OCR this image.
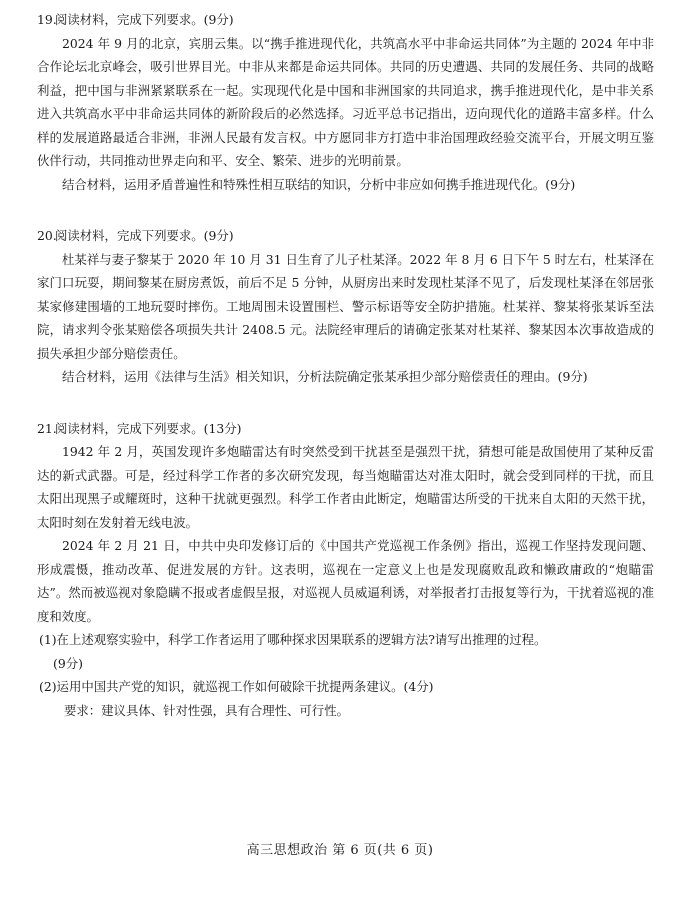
19.
阅读材料，完成下列要求。(9分)

2024 年 9 月的北京，宾朋云集。以“携手推进现代化，共筑高水平中非命运共同体”为主题的 2024 年中非合作论坛北京峰会，吸引世界目光。中非从来都是命运共同体。共同的历史遭遇、共同的发展任务、共同的战略利益，把中国与非洲紧紧联系在一起。实现现代化是中国和非洲国家的共同追求，携手推进现代化，是中非关系进入共筑高水平中非命运共同体的新阶段后的必然选择。习近平总书记指出，迈向现代化的道路丰富多样。什么样的发展道路最适合非洲，非洲人民最有发言权。中方愿同非方打造中非治国理政经验交流平台，开展文明互鉴伙伴行动，共同推动世界走向和平、安全、繁荣、进步的光明前景。

结合材料，运用矛盾普遍性和特殊性相互联结的知识，分析中非应如何携手推进现代化。(9分)

20.
阅读材料，完成下列要求。(9分)

杜某祥与妻子黎某于 2020 年 10 月 31 日生育了儿子杜某泽。2022 年 8 月 6 日下午 5 时左右，杜某泽在家门口玩耍，期间黎某在厨房煮饭，前后不足 5 分钟，从厨房出来时发现杜某泽不见了，后发现杜某泽在邻居张某家修建围墙的工地玩耍时摔伤。工地周围未设置围栏、警示标语等安全防护措施。杜某祥、黎某将张某诉至法院，请求判令张某赔偿各项损失共计 2408.5 元。法院经审理后的请确定张某对杜某祥、黎某因本次事故造成的损失承担少部分赔偿责任。

结合材料，运用《法律与生活》相关知识，分析法院确定张某承担少部分赔偿责任的理由。(9分)

21.
阅读材料，完成下列要求。(13分)

1942 年 2 月，英国发现许多炮瞄雷达有时突然受到干扰甚至是强烈干扰，猜想可能是敌国使用了某种反雷达的新式武器。可是，经过科学工作者的多次研究发现，每当炮瞄雷达对准太阳时，就会受到同样的干扰，而且太阳出现黑子或耀斑时，这种干扰就更强烈。科学工作者由此断定，炮瞄雷达所受的干扰来自太阳的天然干扰，太阳时刻在发射着无线电波。

2024 年 2 月 21 日，中共中央印发修订后的《中国共产党巡视工作条例》指出，巡视工作坚持发现问题、形成震慑，推动改革、促进发展的方针。这表明，巡视在一定意义上也是发现腐败乱政和懒政庸政的“炮瞄雷达”。然而被巡视对象隐瞒不报或者虚假呈报，对巡视人员威逼利诱，对举报者打击报复等行为，干扰着巡视的准度和效度。

(1)在上述观察实验中，科学工作者运用了哪种探求因果联系的逻辑方法?请写出推理的过程。
(9分)
(2)运用中国共产党的知识，就巡视工作如何破除干扰提两条建议。(4分)
要求：建议具体、针对性强，具有合理性、可行性。
高三思想政治 第 6 页(共 6 页)
